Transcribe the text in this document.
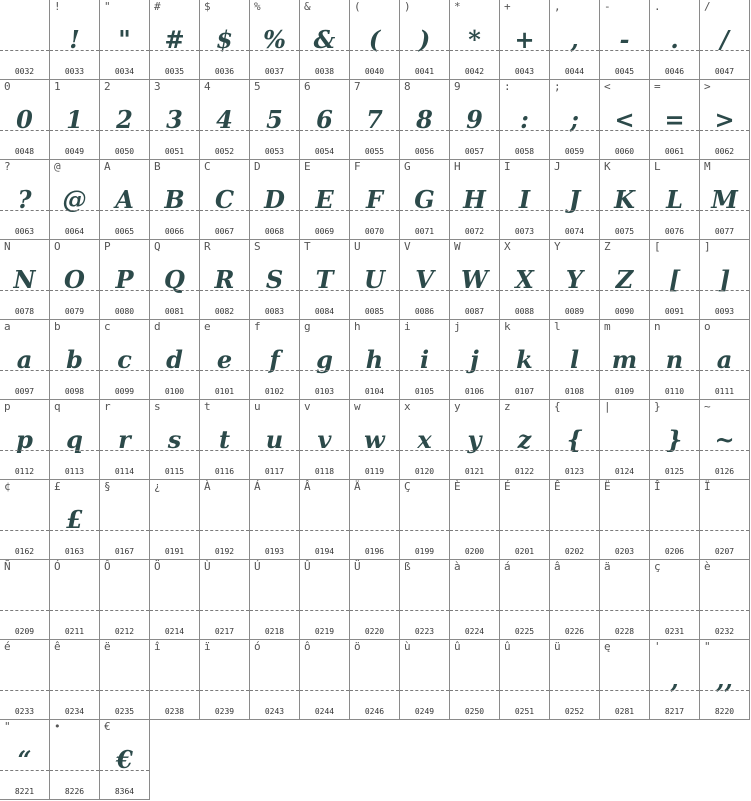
0032
!
!
0033
"
"
0034
#
#
0035
$
$
0036
%
%
0037
&
&
0038
(
(
0040
)
)
0041
*
*
0042
+
+
0043
,
,
0044
-
-
0045
.
.
0046
/
/
0047
0
0
0048
1
1
0049
2
2
0050
3
3
0051
4
4
0052
5
5
0053
6
6
0054
7
7
0055
8
8
0056
9
9
0057
:
:
0058
;
;
0059
<
<
0060
=
=
0061
>
>
0062
?
?
0063
@
@
0064
A
A
0065
B
B
0066
C
C
0067
D
D
0068
E
E
0069
F
F
0070
G
G
0071
H
H
0072
I
I
0073
J
J
0074
K
K
0075
L
L
0076
M
M
0077
N
N
0078
O
O
0079
P
P
0080
Q
Q
0081
R
R
0082
S
S
0083
T
T
0084
U
U
0085
V
V
0086
W
W
0087
X
X
0088
Y
Y
0089
Z
Z
0090
[
[
0091
]
]
0093
a
a
0097
b
b
0098
c
c
0099
d
d
0100
e
e
0101
f
f
0102
g
g
0103
h
h
0104
i
i
0105
j
j
0106
k
k
0107
l
l
0108
m
m
0109
n
n
0110
o
a
0111
p
p
0112
q
q
0113
r
r
0114
s
s
0115
t
t
0116
u
u
0117
v
v
0118
w
w
0119
x
x
0120
y
y
0121
z
z
0122
{
{
0123
|
0124
}
}
0125
~
~
0126
¢
0162
£
£
0163
§
0167
¿
0191
À
0192
Á
0193
Â
0194
Ä
0196
Ç
0199
È
0200
É
0201
Ê
0202
Ë
0203
Î
0206
Ï
0207
Ñ
0209
Ó
0211
Ô
0212
Ö
0214
Ù
0217
Ú
0218
Û
0219
Ü
0220
ß
0223
à
0224
á
0225
â
0226
ä
0228
ç
0231
è
0232
é
0233
ê
0234
ë
0235
î
0238
ï
0239
ó
0243
ô
0244
ö
0246
ù
0249
û
0250
û
0251
ü
0252
ę
0281
'
,
8217
"
,,
8220
"
“
8221
•
8226
€
€
8364
